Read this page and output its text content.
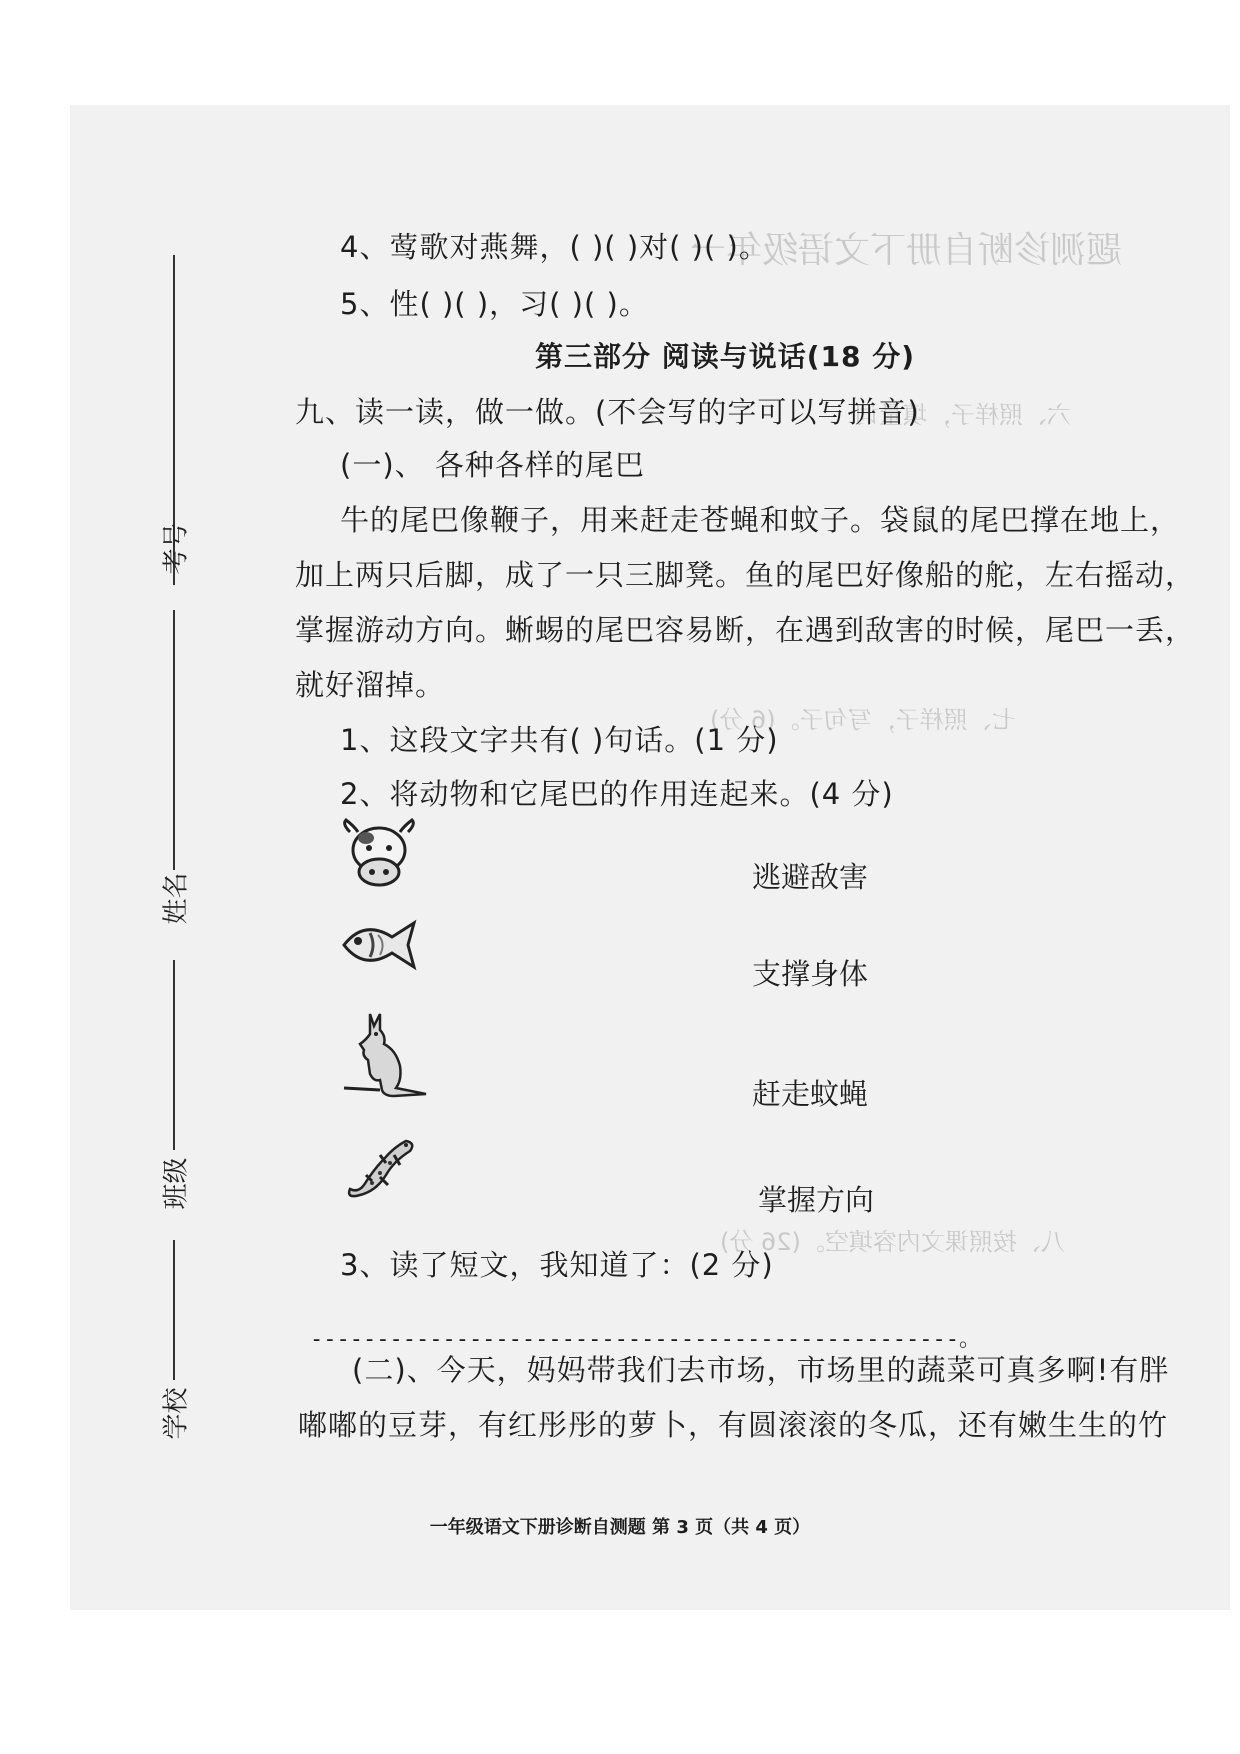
题测诊断自册下文语级年一
六、照样子，填量词
七、照样子，写句子。(6 分)
八、按照课文内容填空。(26 分)
考号
姓名
班级
学校
4、莺歌对燕舞，( )( )对( )( )。
5、性( )( )，习( )( )。
第三部分 阅读与说话(18 分)
九、读一读，做一做。(不会写的字可以写拼音)
(一)、 各种各样的尾巴
牛的尾巴像鞭子，用来赶走苍蝇和蚊子。袋鼠的尾巴撑在地上，
加上两只后脚，成了一只三脚凳。鱼的尾巴好像船的舵，左右摇动，
掌握游动方向。蜥蜴的尾巴容易断，在遇到敌害的时候，尾巴一丢，
就好溜掉。
1、这段文字共有( )句话。(1 分)
2、将动物和它尾巴的作用连起来。(4 分)
逃避敌害
支撑身体
赶走蚊蝇
掌握方向
3、读了短文，我知道了：(2 分)
-------------------------------------------------。
(二)、今天，妈妈带我们去市场，市场里的蔬菜可真多啊!有胖
嘟嘟的豆芽，有红彤彤的萝卜，有圆滚滚的冬瓜，还有嫩生生的竹
一年级语文下册诊断自测题 第 3 页（共 4 页）
